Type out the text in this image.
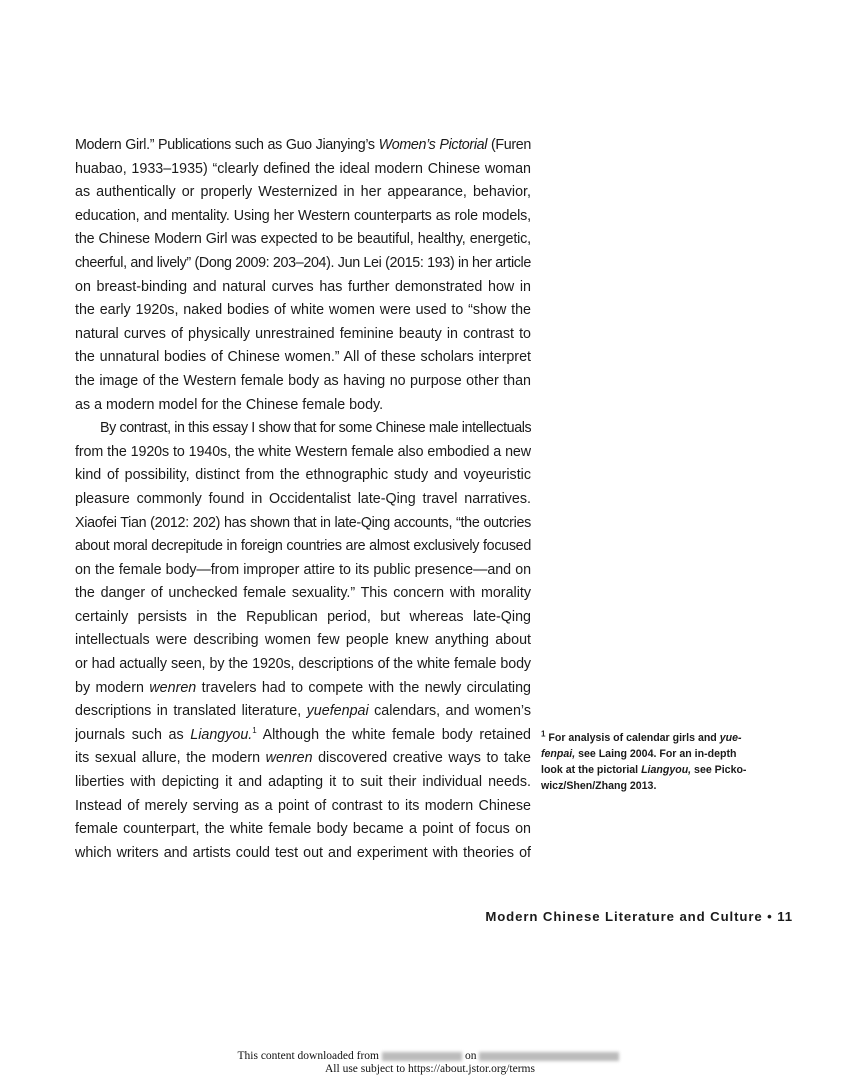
Modern Girl.” Publications such as Guo Jianying’s Women’s Pictorial (Furen
huabao, 1933–1935) “clearly defined the ideal modern Chinese woman
as authentically or properly Westernized in her appearance, behavior,
education, and mentality. Using her Western counterparts as role models,
the Chinese Modern Girl was expected to be beautiful, healthy, energetic,
cheerful, and lively” (Dong 2009: 203–204). Jun Lei (2015: 193) in her article
on breast-binding and natural curves has further demonstrated how in
the early 1920s, naked bodies of white women were used to “show the
natural curves of physically unrestrained feminine beauty in contrast to
the unnatural bodies of Chinese women.” All of these scholars interpret
the image of the Western female body as having no purpose other than
as a modern model for the Chinese female body.
By contrast, in this essay I show that for some Chinese male intellectuals
from the 1920s to 1940s, the white Western female also embodied a new
kind of possibility, distinct from the ethnographic study and voyeuristic
pleasure commonly found in Occidentalist late-Qing travel narratives.
Xiaofei Tian (2012: 202) has shown that in late-Qing accounts, “the outcries
about moral decrepitude in foreign countries are almost exclusively focused
on the female body—from improper attire to its public presence—and on
the danger of unchecked female sexuality.” This concern with morality
certainly persists in the Republican period, but whereas late-Qing
intellectuals were describing women few people knew anything about
or had actually seen, by the 1920s, descriptions of the white female body
by modern wenren travelers had to compete with the newly circulating
descriptions in translated literature, yuefenpai calendars, and women’s
journals such as Liangyou.$^1$ Although the white female body retained
its sexual allure, the modern wenren discovered creative ways to take
liberties with depicting it and adapting it to suit their individual needs.
Instead of merely serving as a point of contrast to its modern Chinese
female counterpart, the white female body became a point of focus on
which writers and artists could test out and experiment with theories of
$^1$ For analysis of calendar girls and yue-
fenpai, see Laing 2004. For an in-depth
look at the pictorial Liangyou, see Picko-
wicz/Shen/Zhang 2013.
Modern Chinese Literature and Culture • 11
This content downloaded from	on
All use subject to https://about.jstor.org/terms
